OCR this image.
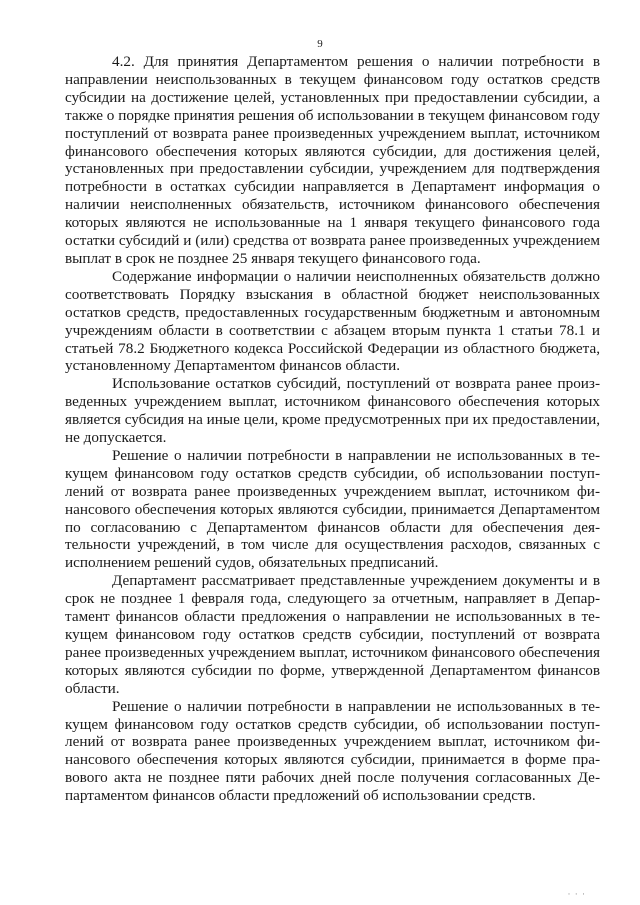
9

4.2. Для принятия Департаментом решения о наличии потребности в направлении неиспользованных в текущем финансовом году остатков средств субсидии на достижение целей, установленных при предоставлении субсидии, а также о порядке принятия решения об использовании в текущем финансовом году поступлений от возврата ранее произведенных учреждением выплат, источником финансового обеспечения которых являются субсидии, для достижения целей, установленных при предоставлении субсидии, учреждением для подтверждения потребности в остатках субсидии направляется в Департамент информация о наличии неисполненных обязательств, источником финансового обеспечения которых являются не использованные на 1 января текущего финансового года остатки субсидий и (или) средства от возврата ранее произведенных учреждением выплат в срок не позднее 25 января текущего финансового года.

Содержание информации о наличии неисполненных обязательств должно соответствовать Порядку взыскания в областной бюджет неиспользованных остатков средств, предоставленных государственным бюджетным и автономным учреждениям области в соответствии с абзацем вторым пункта 1 статьи 78.1 и статьей 78.2 Бюджетного кодекса Российской Федерации из областного бюджета, установленному Департаментом финансов области.

Использование остатков субсидий, поступлений от возврата ранее произведенных учреждением выплат, источником финансового обеспечения которых является субсидия на иные цели, кроме предусмотренных при их предоставлении, не допускается.

Решение о наличии потребности в направлении не использованных в текущем финансовом году остатков средств субсидии, об использовании поступлений от возврата ранее произведенных учреждением выплат, источником финансового обеспечения которых являются субсидии, принимается Департаментом по согласованию с Департаментом финансов области для обеспечения деятельности учреждений, в том числе для осуществления расходов, связанных с исполнением решений судов, обязательных предписаний.

Департамент рассматривает представленные учреждением документы и в срок не позднее 1 февраля года, следующего за отчетным, направляет в Департамент финансов области предложения о направлении не использованных в текущем финансовом году остатков средств субсидии, поступлений от возврата ранее произведенных учреждением выплат, источником финансового обеспечения которых являются субсидии по форме, утвержденной Департаментом финансов области.

Решение о наличии потребности в направлении не использованных в текущем финансовом году остатков средств субсидии, об использовании поступлений от возврата ранее произведенных учреждением выплат, источником финансового обеспечения которых являются субсидии, принимается в форме правового акта не позднее пяти рабочих дней после получения согласованных Департаментом финансов области предложений об использовании средств.

· · ·
